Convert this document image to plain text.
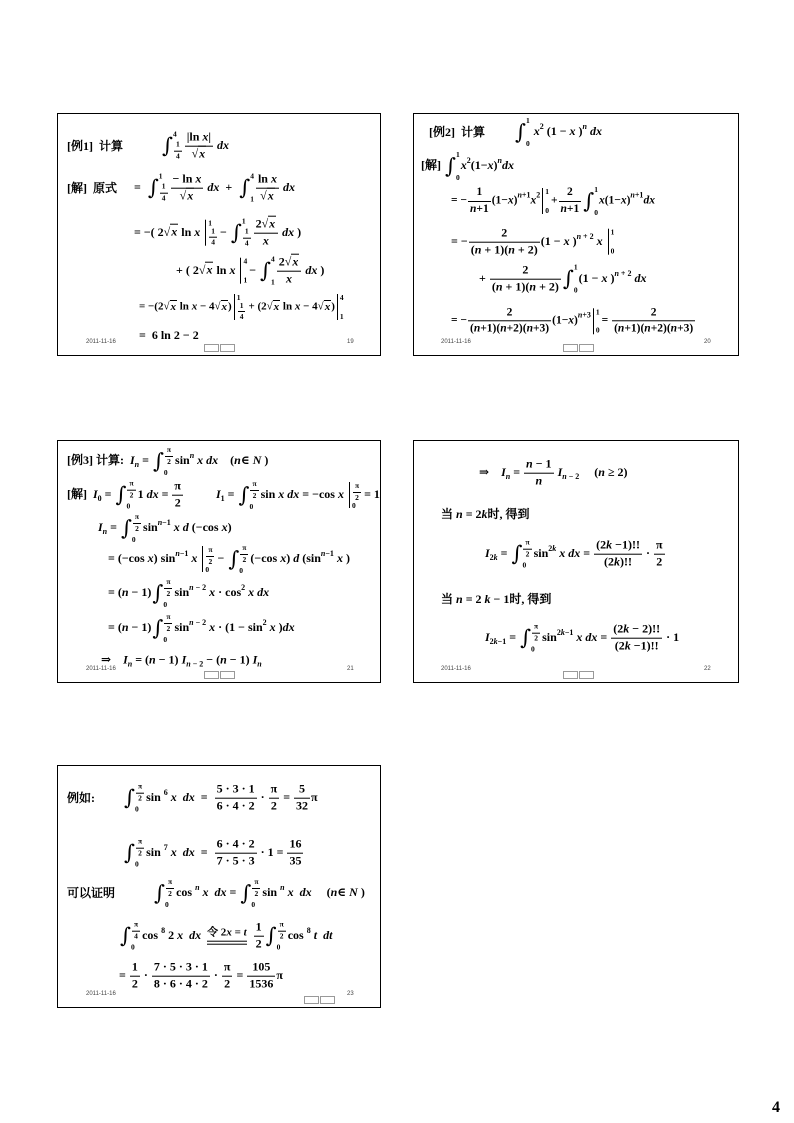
[例1]  计算 ∫ 4
$\frac{1}{4} \frac{\text{|ln x|}}{√x}$ dx
[解]  原式 = ∫ 1
$\frac{1}{4} \frac{\text{− ln x}}{√x}$ dx  + ∫ 4
$1 \frac{\text{ln x}}{√x}$ dx
= −( 2√x ln x
1
$\frac{1}{4}$ − ∫ 1
$\frac{1}{4} \frac{2√x}{x}$ dx )
+ ( 2√x ln x
4
1
− ∫ 4
$1 \frac{2√x}{x}$ dx )
= −(2√x ln x − 4√x)
1
$\frac{1}{4} + (2√x$ ln x − 4√x)
4
1
=  6 ln 2 − 2
2011-11-16	19
[例2]  计算 ∫ 1
0
$x^2$ (1 − x )$^n$ dx
[解] ∫ 1
0
$x^2(1-x)^ndx$
= − $\frac{1}{n+1} (1-x)^{n+1}x^2$ 1
0
+ $\frac{2}{n+1}$ ∫ 1
0
$x(1-x)^{n+1}dx$
= − $\frac{2}{(n + 1)(n + 2)} (1 - x$ )$^{n + 2}$ x
1
0
+ $\frac{2}{(n + 1)(n + 2)}$ ∫ 1
0
(1 − x )$^{n + 2}$ dx
= − $\frac{2}{(n+1)(n+2)(n+3)} (1-x)^{n+3}$ 1
0
= $\frac{2}{(n+1)(n+2)(n+3)}$
2011-11-16	20
[例3] 计算:  $I_n$ = ∫ $\frac{\pi}{2}$
0
$\sin^n x$ dx    (n∈ N )
[解]  $I_0$ = ∫ $\frac{\pi}{2}$
0
1 dx = $\frac{\pi}{2}$	$I_1$ = ∫ $\frac{\pi}{2}$
0
sin x dx = −cos x $\frac{\pi}{2}$
0
= 1
$I_n$ = ∫ $\frac{\pi}{2}$
0
$\sin^{n-1} x$ d (−cos x)
= (−cos x) $\sin^{n-1} x \frac{\pi}{2}$
0
− ∫ $\frac{\pi}{2}$
0
(−cos x) d ($\sin^{n-1}$ x )
= (n − 1) ∫ $\frac{\pi}{2}$
0
$\sin^{n - 2} x \cdot \cos^2 x$ dx
= (n − 1) ∫ $\frac{\pi}{2}$
0
$\sin^{n - 2} x \cdot (1 - \sin^2 x$ )dx
⇒    $I_n = (n - 1) I_{n - 2} - (n - 1)$ $I_n$
2011-11-16	21
⇒    $I_n = \frac{n - 1}{n} I_{n - 2}$     (n ≥ 2)
当 n = 2k时, 得到
$I_{2k}$ = ∫ $\frac{\pi}{2}$
0
$\sin^{2k} x$ dx = $\frac{(2k -1)!!}{(2k)!!} \cdot \frac{\pi}{2}$
当 n = 2 k − 1时, 得到
$I_{2k-1}$ = ∫ $\frac{\pi}{2}$
0
$\sin^{2k-1} x$ dx = $\frac{(2k - 2)!!}{(2k -1)!!} \cdot 1$
2011-11-16	22
例如: ∫ $\frac{\pi}{2}$
0
sin $^6$ x dx  = $\frac{5 \cdot 3 \cdot 1}{6 \cdot 4 \cdot 2} \cdot \frac{\pi}{2} = \frac{5}{32}$ π
∫ $\frac{\pi}{2}$
0
sin $^7$ x dx  = $\frac{6 \cdot 4 \cdot 2}{7 \cdot 5 \cdot 3} \cdot 1 = \frac{16}{35}$
可以证明 ∫ $\frac{\pi}{2}$
0
cos $^n$ x dx = ∫ $\frac{\pi}{2}$
0
sin $^n$ x dx     (n∈ N )
∫ $\frac{\pi}{4}$
0
cos $^8$ 2 x dx 令 2x = t
$\frac{1}{2}$ ∫ $\frac{\pi}{2}$
0
cos $^8$ t dt
= $\frac{1}{2} \cdot \frac{7 \cdot 5 \cdot 3 \cdot 1}{8 \cdot 6 \cdot 4 \cdot 2} \cdot \frac{\pi}{2} = \frac{105}{1536}$ π
2011-11-16	23
4
